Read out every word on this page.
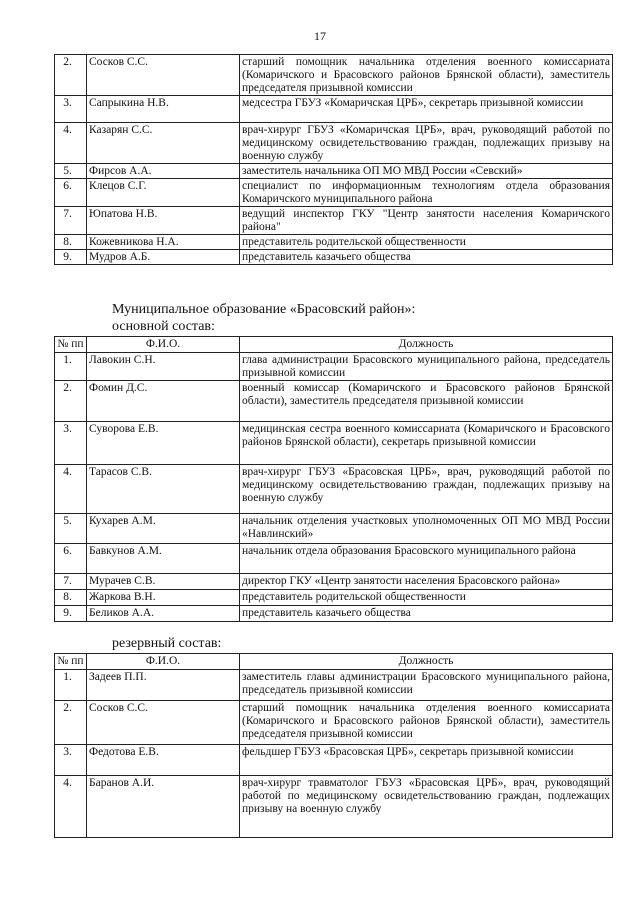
17
2.	Сосков С.С.	старший помощник начальника отделения военного комиссариата (Комаричского и Брасовского районов Брянской области), заместитель председателя призывной комиссии
3.	Сапрыкина Н.В.	медсестра ГБУЗ «Комаричская ЦРБ», секретарь призывной комиссии
4.	Казарян С.С.	врач-хирург ГБУЗ «Комаричская ЦРБ», врач, руководящий работой по медицинскому освидетельствованию граждан, подлежащих призыву на военную службу
5.	Фирсов А.А.	заместитель начальника ОП МО МВД России «Севский»
6.	Клецов С.Г.	специалист по информационным технологиям отдела образования Комаричского муниципального района
7.	Юпатова Н.В.	ведущий инспектор ГКУ "Центр занятости населения Комаричского района"
8.	Кожевникова Н.А.	представитель родительской общественности
9.	Мудров А.Б.	представитель казачьего общества
Муниципальное образование «Брасовский район»:
основной состав:
№ пп	Ф.И.О.	Должность
1.	Лавокин С.Н.	глава администрации Брасовского муниципального района, председатель призывной комиссии
2.	Фомин Д.С.	военный комиссар (Комаричского и Брасовского районов Брянской области), заместитель председателя призывной комиссии
3.	Суворова Е.В.	медицинская сестра военного комиссариата (Комаричского и Брасовского районов Брянской области), секретарь призывной комиссии
4.	Тарасов С.В.	врач-хирург ГБУЗ «Брасовская ЦРБ», врач, руководящий работой по медицинскому освидетельствованию граждан, подлежащих призыву на военную службу
5.	Кухарев А.М.	начальник отделения участковых уполномоченных ОП МО МВД России «Навлинский»
6.	Бавкунов А.М.	начальник отдела образования Брасовского муниципального района
7.	Мурачев С.В.	директор ГКУ «Центр занятости населения Брасовского района»
8.	Жаркова В.Н.	представитель родительской общественности
9.	Беликов А.А.	представитель казачьего общества
резервный состав:
№ пп	Ф.И.О.	Должность
1.	Задеев П.П.	заместитель главы администрации Брасовского муниципального района, председатель призывной комиссии
2.	Сосков С.С.	старший помощник начальника отделения военного комиссариата (Комаричского и Брасовского районов Брянской области), заместитель председателя призывной комиссии
3.	Федотова Е.В.	фельдшер ГБУЗ «Брасовская ЦРБ», секретарь призывной комиссии
4.	Баранов А.И.	врач-хирург травматолог ГБУЗ «Брасовская ЦРБ», врач, руководящий работой по медицинскому освидетельствованию граждан, подлежащих призыву на военную службу
